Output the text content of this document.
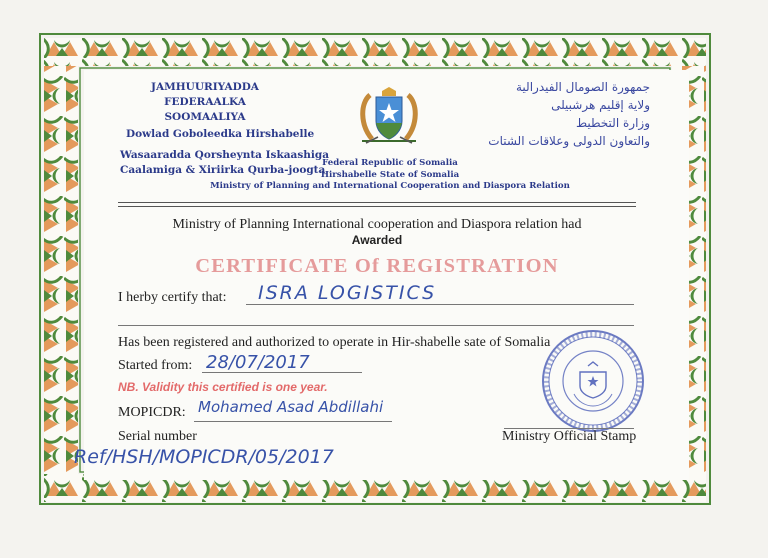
JAMHUURIYADDA FEDERAALKA
SOOMAALIYA
Dowlad Goboleedka Hirshabelle
Wasaaradda Qorsheynta Iskaashiga
Caalamiga & Xiriirka Qurba-joogta
جمهورة الصومال الفيدرالية
ولاية إقليم هرشبيلى
وزارة التخطيط
والتعاون الدولى وعلاقات الشتات
Federal Republic of Somalia
Hirshabelle State of Somalia
Ministry of Planning and International Cooperation and Diaspora Relation
Ministry of Planning International cooperation and Diaspora relation had
Awarded
CERTIFICATE Of REGISTRATION
I herby certify that: ISRA LOGISTICS
Has been registered and authorized to operate in Hir-shabelle sate of Somalia
Started from: 28/07/2017
NB. Validity this certified is one year.
MOPICDR: Mohamed Asad Abdillahi
Serial number
Ref/HSH/MOPICDR/05/2017
Ministry Official Stamp
